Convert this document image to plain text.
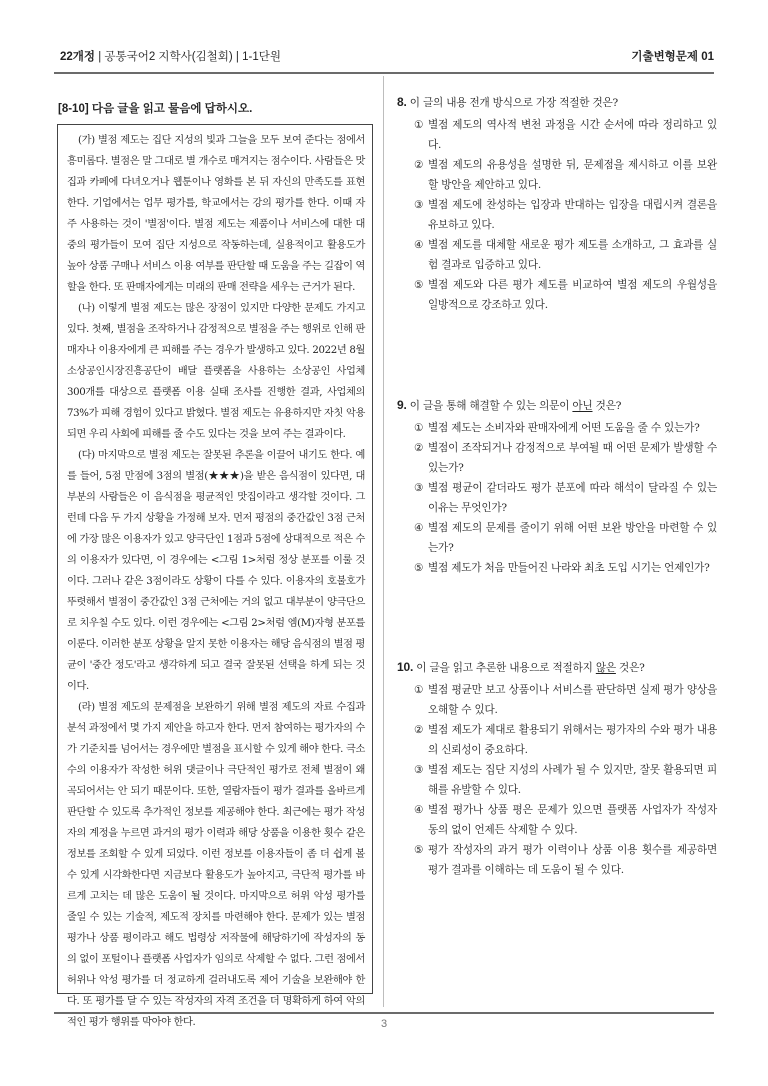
22개정 | 공통국어2 지학사(김철회) | 1-1단원	기출변형문제 01
[8-10] 다음 글을 읽고 물음에 답하시오.

(가) 별점 제도는 집단 지성의 빛과 그늘을 모두 보여 준다는 점에서 흥미롭다. 별점은 말 그대로 별 개수로 매겨지는 점수이다. 사람들은 맛집과 카페에 다녀오거나 웹툰이나 영화를 본 뒤 자신의 만족도를 표현한다. 기업에서는 업무 평가를, 학교에서는 강의 평가를 한다. 이때 자주 사용하는 것이 '별점'이다. 별점 제도는 제품이나 서비스에 대한 대중의 평가들이 모여 집단 지성으로 작동하는데, 실용적이고 활용도가 높아 상품 구매나 서비스 이용 여부를 판단할 때 도움을 주는 길잡이 역할을 한다. 또 판매자에게는 미래의 판매 전략을 세우는 근거가 된다.

(나) 이렇게 별점 제도는 많은 장점이 있지만 다양한 문제도 가지고 있다. 첫째, 별점을 조작하거나 감정적으로 별점을 주는 행위로 인해 판매자나 이용자에게 큰 피해를 주는 경우가 발생하고 있다. 2022년 8월 소상공인시장진흥공단이 배달 플랫폼을 사용하는 소상공인 사업체 300개를 대상으로 플랫폼 이용 실태 조사를 진행한 결과, 사업체의 73%가 피해 경험이 있다고 밝혔다. 별점 제도는 유용하지만 자칫 악용되면 우리 사회에 피해를 줄 수도 있다는 것을 보여 주는 결과이다.

(다) 마지막으로 별점 제도는 잘못된 추론을 이끌어 내기도 한다. 예를 들어, 5점 만점에 3점의 별점(★★★)을 받은 음식점이 있다면, 대부분의 사람들은 이 음식점을 평균적인 맛집이라고 생각할 것이다. 그런데 다음 두 가지 상황을 가정해 보자. 먼저 평점의 중간값인 3점 근처에 가장 많은 이용자가 있고 양극단인 1점과 5점에 상대적으로 적은 수의 이용자가 있다면, 이 경우에는 <그림 1>처럼 정상 분포를 이룰 것이다. 그러나 같은 3점이라도 상황이 다를 수 있다. 이용자의 호불호가 뚜렷해서 별점이 중간값인 3점 근처에는 거의 없고 대부분이 양극단으로 치우칠 수도 있다. 이런 경우에는 <그림 2>처럼 엠(M)자형 분포를 이룬다. 이러한 분포 상황을 알지 못한 이용자는 해당 음식점의 별점 평균이 '중간 정도'라고 생각하게 되고 결국 잘못된 선택을 하게 되는 것이다.

(라) 별점 제도의 문제점을 보완하기 위해 별점 제도의 자료 수집과 분석 과정에서 몇 가지 제안을 하고자 한다. 먼저 참여하는 평가자의 수가 기준치를 넘어서는 경우에만 별점을 표시할 수 있게 해야 한다. 극소수의 이용자가 작성한 허위 댓글이나 극단적인 평가로 전체 별점이 왜곡되어서는 안 되기 때문이다. 또한, 열람자들이 평가 결과를 올바르게 판단할 수 있도록 추가적인 정보를 제공해야 한다. 최근에는 평가 작성자의 계정을 누르면 과거의 평가 이력과 해당 상품을 이용한 횟수 같은 정보를 조회할 수 있게 되었다. 이런 정보를 이용자들이 좀 더 쉽게 볼 수 있게 시각화한다면 지금보다 활용도가 높아지고, 극단적 평가를 바르게 고치는 데 많은 도움이 될 것이다. 마지막으로 허위 악성 평가를 줄일 수 있는 기술적, 제도적 장치를 마련해야 한다. 문제가 있는 별점 평가나 상품 평이라고 해도 법령상 저작물에 해당하기에 작성자의 동의 없이 포털이나 플랫폼 사업자가 임의로 삭제할 수 없다. 그런 점에서 허위나 악성 평가를 더 정교하게 걸러내도록 제어 기술을 보완해야 한다. 또 평가를 달 수 있는 작성자의 자격 조건을 더 명확하게 하여 악의적인 평가 행위를 막아야 한다.

8. 이 글의 내용 전개 방식으로 가장 적절한 것은?
① 별점 제도의 역사적 변천 과정을 시간 순서에 따라 정리하고 있다.
② 별점 제도의 유용성을 설명한 뒤, 문제점을 제시하고 이를 보완할 방안을 제안하고 있다.
③ 별점 제도에 찬성하는 입장과 반대하는 입장을 대립시켜 결론을 유보하고 있다.
④ 별점 제도를 대체할 새로운 평가 제도를 소개하고, 그 효과를 실험 결과로 입증하고 있다.
⑤ 별점 제도와 다른 평가 제도를 비교하여 별점 제도의 우월성을 일방적으로 강조하고 있다.
9. 이 글을 통해 해결할 수 있는 의문이 아닌 것은?
① 별점 제도는 소비자와 판매자에게 어떤 도움을 줄 수 있는가?
② 별점이 조작되거나 감정적으로 부여될 때 어떤 문제가 발생할 수 있는가?
③ 별점 평균이 같더라도 평가 분포에 따라 해석이 달라질 수 있는 이유는 무엇인가?
④ 별점 제도의 문제를 줄이기 위해 어떤 보완 방안을 마련할 수 있는가?
⑤ 별점 제도가 처음 만들어진 나라와 최초 도입 시기는 언제인가?
10. 이 글을 읽고 추론한 내용으로 적절하지 않은 것은?
① 별점 평균만 보고 상품이나 서비스를 판단하면 실제 평가 양상을 오해할 수 있다.
② 별점 제도가 제대로 활용되기 위해서는 평가자의 수와 평가 내용의 신뢰성이 중요하다.
③ 별점 제도는 집단 지성의 사례가 될 수 있지만, 잘못 활용되면 피해를 유발할 수 있다.
④ 별점 평가나 상품 평은 문제가 있으면 플랫폼 사업자가 작성자 동의 없이 언제든 삭제할 수 있다.
⑤ 평가 작성자의 과거 평가 이력이나 상품 이용 횟수를 제공하면 평가 결과를 이해하는 데 도움이 될 수 있다.
3
